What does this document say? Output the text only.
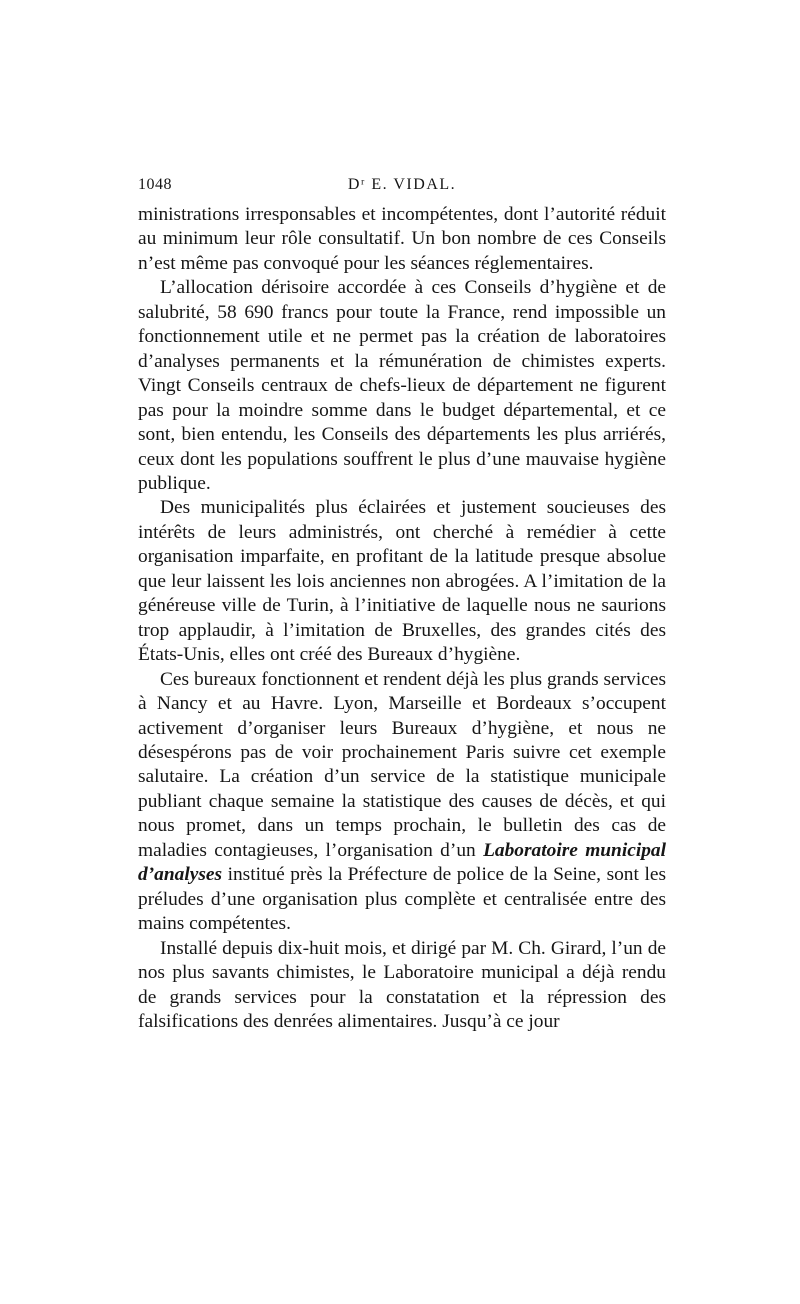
1048	Dʳ E. VIDAL.

ministrations irresponsables et incompétentes, dont l’autorité réduit au minimum leur rôle consultatif. Un bon nombre de ces Conseils n’est même pas convoqué pour les séances réglementaires.

L’allocation dérisoire accordée à ces Conseils d’hygiène et de salubrité, 58 690 francs pour toute la France, rend impossible un fonctionnement utile et ne permet pas la création de laboratoires d’analyses permanents et la rémunération de chimistes experts. Vingt Conseils centraux de chefs-lieux de département ne figurent pas pour la moindre somme dans le budget départemental, et ce sont, bien entendu, les Conseils des départements les plus arriérés, ceux dont les populations souffrent le plus d’une mauvaise hygiène publique.

Des municipalités plus éclairées et justement soucieuses des intérêts de leurs administrés, ont cherché à remédier à cette organisation imparfaite, en profitant de la latitude presque absolue que leur laissent les lois anciennes non abrogées. A l’imitation de la généreuse ville de Turin, à l’initiative de laquelle nous ne saurions trop applaudir, à l’imitation de Bruxelles, des grandes cités des États-Unis, elles ont créé des Bureaux d’hygiène.

Ces bureaux fonctionnent et rendent déjà les plus grands services à Nancy et au Havre. Lyon, Marseille et Bordeaux s’occupent activement d’organiser leurs Bureaux d’hygiène, et nous ne désespérons pas de voir prochainement Paris suivre cet exemple salutaire. La création d’un service de la statistique municipale publiant chaque semaine la statistique des causes de décès, et qui nous promet, dans un temps prochain, le bulletin des cas de maladies contagieuses, l’organisation d’un Laboratoire municipal d’analyses institué près la Préfecture de police de la Seine, sont les préludes d’une organisation plus complète et centralisée entre des mains compétentes.

Installé depuis dix-huit mois, et dirigé par M. Ch. Girard, l’un de nos plus savants chimistes, le Laboratoire municipal a déjà rendu de grands services pour la constatation et la répression des falsifications des denrées alimentaires. Jusqu’à ce jour
